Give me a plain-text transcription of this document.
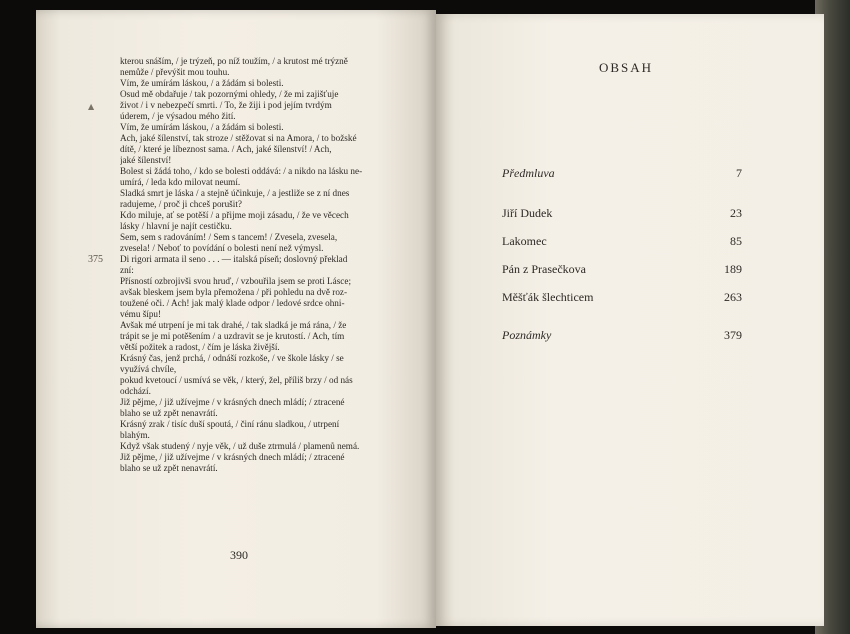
▲
kterou snáším, / je trýzeň, po níž toužím, / a krutost mé trýzně
nemůže / převýšit mou touhu.
Vím, že umírám láskou, / a žádám si bolesti.
Osud mě obdařuje / tak pozornými ohledy, / že mi zajišťuje
život / i v nebezpečí smrti. / To, že žiji i pod jejím tvrdým
úderem, / je výsadou mého žití.
Vím, že umírám láskou, / a žádám si bolesti.
Ach, jaké šílenství, tak stroze / stěžovat si na Amora, / to božské
dítě, / které je líbeznost sama. / Ach, jaké šílenství! / Ach,
jaké šílenství!
Bolest si žádá toho, / kdo se bolesti oddává: / a nikdo na lásku ne-
umírá, / leda kdo milovat neumí.
Sladká smrt je láska / a stejně účinkuje, / a jestliže se z ní dnes
radujeme, / proč ji chceš porušit?
Kdo miluje, ať se potěší / a přijme moji zásadu, / že ve věcech
lásky / hlavní je najít cestičku.
Sem, sem s radováním! / Sem s tancem! / Zvesela, zvesela,
zvesela! / Neboť to povídání o bolesti není než výmysl.
Di rigori armata il seno . . . — italská píseň; doslovný překlad
zní:
Přísností ozbrojivši svou hruď, / vzbouřila jsem se proti Lásce;
avšak bleskem jsem byla přemožena / při pohledu na dvě roz-
toužené oči. / Ach! jak malý klade odpor / ledové srdce ohni-
vému šípu!
Avšak mé utrpení je mi tak drahé, / tak sladká je má rána, / že
trápit se je mi potěšením / a uzdravit se je krutostí. / Ach, tím
větší požitek a radost, / čím je láska živější.
Krásný čas, jenž prchá, / odnáší rozkoše, / ve škole lásky / se
využívá chvíle,
pokud kvetoucí / usmívá se věk, / který, žel, příliš brzy / od nás
odchází.
Již pějme, / již užívejme / v krásných dnech mládí; / ztracené
blaho se už zpět nenavrátí.
Krásný zrak / tisíc duší spoutá, / činí ránu sladkou, / utrpení
blahým.
Když však studený / nyje věk, / už duše ztrmulá / plamenů nemá.
Již pějme, / již užívejme / v krásných dnech mládí; / ztracené
blaho se už zpět nenavrátí.
375
390
OBSAH
Předmluva	7
Jiří Dudek	23
Lakomec	85
Pán z Prasečkova	189
Měšťák šlechticem	263
Poznámky	379
